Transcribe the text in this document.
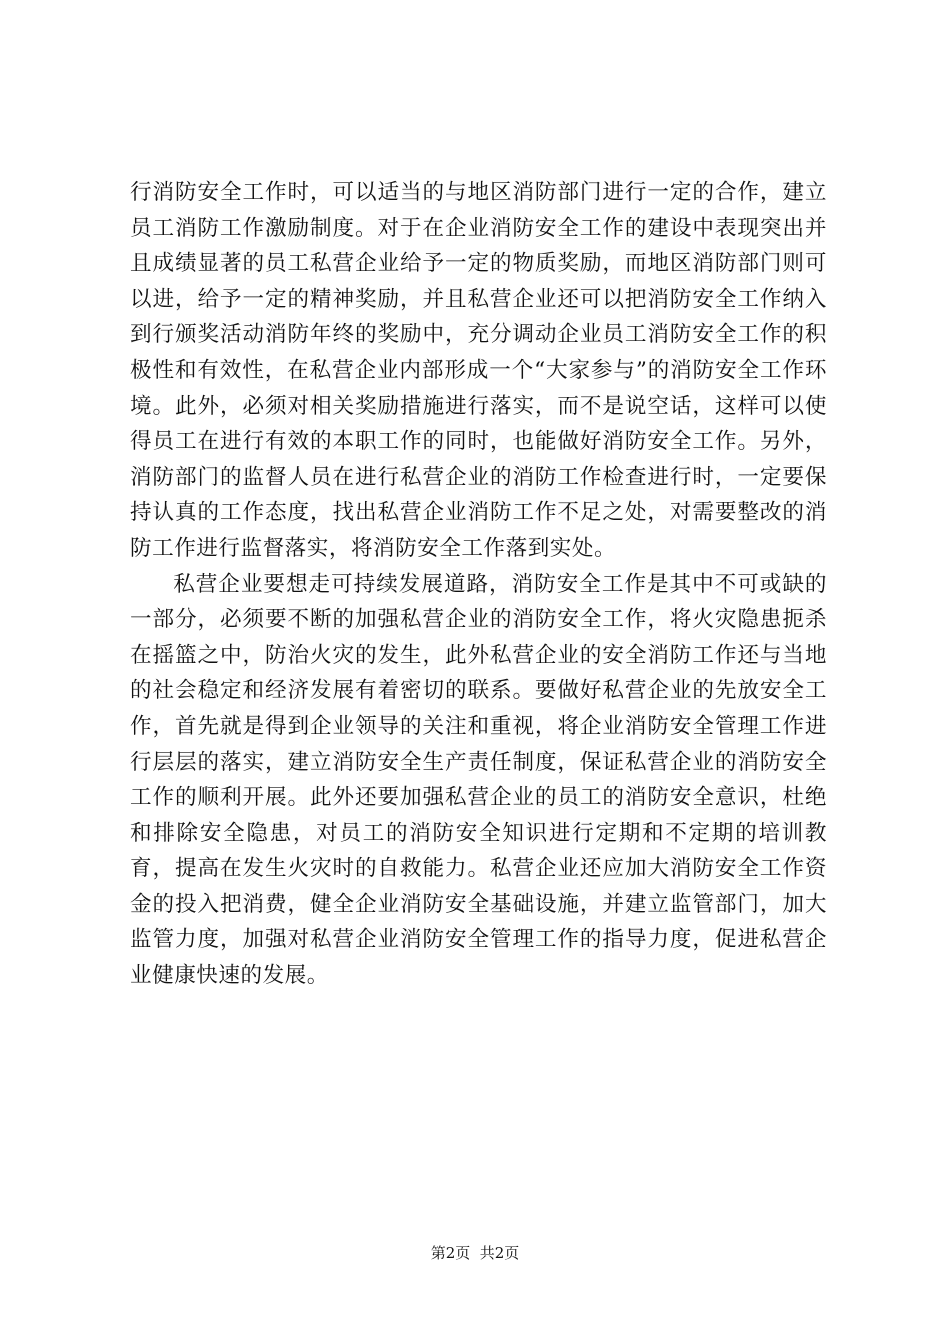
行消防安全工作时，可以适当的与地区消防部门进行一定的合作，建立员工消防工作激励制度。对于在企业消防安全工作的建设中表现突出并且成绩显著的员工私营企业给予一定的物质奖励，而地区消防部门则可以进，给予一定的精神奖励，并且私营企业还可以把消防安全工作纳入到行颁奖活动消防年终的奖励中，充分调动企业员工消防安全工作的积极性和有效性，在私营企业内部形成一个“大家参与”的消防安全工作环境。此外，必须对相关奖励措施进行落实，而不是说空话，这样可以使得员工在进行有效的本职工作的同时，也能做好消防安全工作。另外，消防部门的监督人员在进行私营企业的消防工作检查进行时，一定要保持认真的工作态度，找出私营企业消防工作不足之处，对需要整改的消防工作进行监督落实，将消防安全工作落到实处。

私营企业要想走可持续发展道路，消防安全工作是其中不可或缺的一部分，必须要不断的加强私营企业的消防安全工作，将火灾隐患扼杀在摇篮之中，防治火灾的发生，此外私营企业的安全消防工作还与当地的社会稳定和经济发展有着密切的联系。要做好私营企业的先放安全工作，首先就是得到企业领导的关注和重视，将企业消防安全管理工作进行层层的落实，建立消防安全生产责任制度，保证私营企业的消防安全工作的顺利开展。此外还要加强私营企业的员工的消防安全意识，杜绝和排除安全隐患，对员工的消防安全知识进行定期和不定期的培训教育，提高在发生火灾时的自救能力。私营企业还应加大消防安全工作资金的投入把消费，健全企业消防安全基础设施，并建立监管部门，加大监管力度，加强对私营企业消防安全管理工作的指导力度，促进私营企业健康快速的发展。

第2页  共2页
